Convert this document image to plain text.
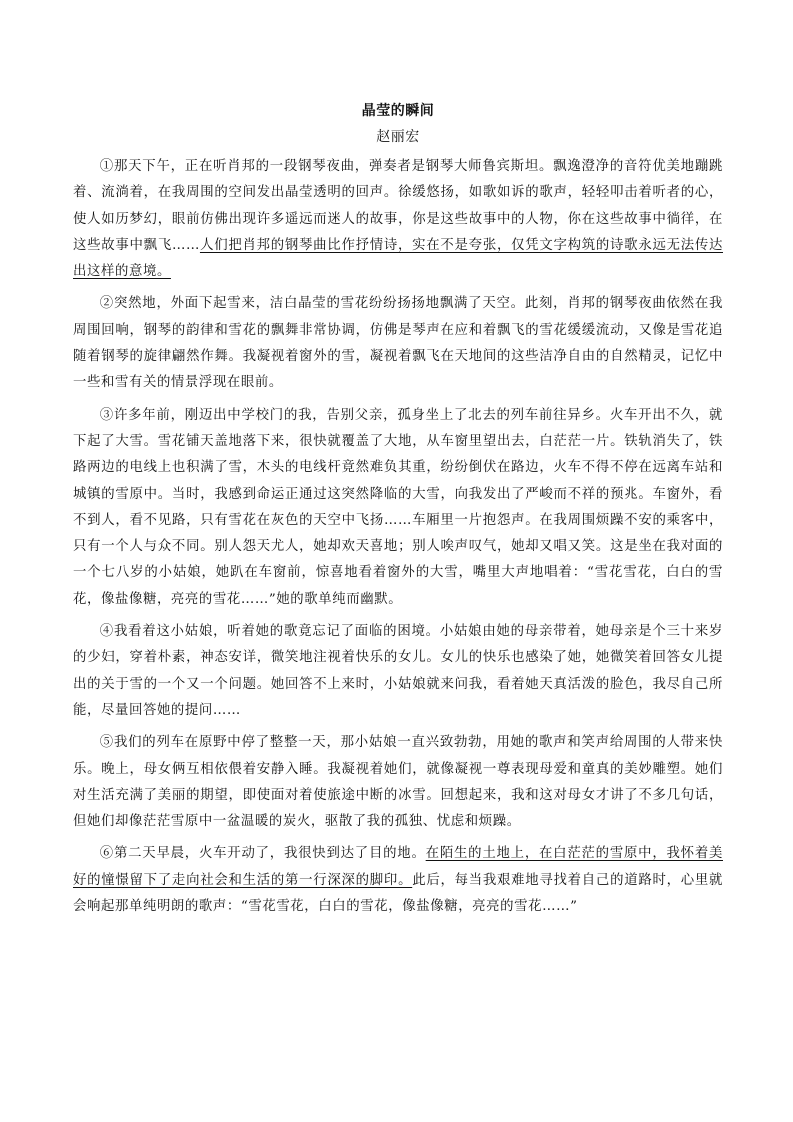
晶莹的瞬间
赵丽宏

①那天下午，正在听肖邦的一段钢琴夜曲，弹奏者是钢琴大师鲁宾斯坦。飘逸澄净的音符优美地蹦跳着、流淌着，在我周围的空间发出晶莹透明的回声。徐缓悠扬，如歌如诉的歌声，轻轻叩击着听者的心，使人如历梦幻，眼前仿佛出现许多遥远而迷人的故事，你是这些故事中的人物，你在这些故事中徜徉，在这些故事中飘飞……人们把肖邦的钢琴曲比作抒情诗，实在不是夸张，仅凭文字构筑的诗歌永远无法传达出这样的意境。

②突然地，外面下起雪来，洁白晶莹的雪花纷纷扬扬地飘满了天空。此刻，肖邦的钢琴夜曲依然在我周围回响，钢琴的韵律和雪花的飘舞非常协调，仿佛是琴声在应和着飘飞的雪花缓缓流动，又像是雪花追随着钢琴的旋律翩然作舞。我凝视着窗外的雪，凝视着飘飞在天地间的这些洁净自由的自然精灵，记忆中一些和雪有关的情景浮现在眼前。

③许多年前，刚迈出中学校门的我，告别父亲，孤身坐上了北去的列车前往异乡。火车开出不久，就下起了大雪。雪花铺天盖地落下来，很快就覆盖了大地，从车窗里望出去，白茫茫一片。铁轨消失了，铁路两边的电线上也积满了雪，木头的电线杆竟然难负其重，纷纷倒伏在路边，火车不得不停在远离车站和城镇的雪原中。当时，我感到命运正通过这突然降临的大雪，向我发出了严峻而不祥的预兆。车窗外，看不到人，看不见路，只有雪花在灰色的天空中飞扬……车厢里一片抱怨声。在我周围烦躁不安的乘客中，只有一个人与众不同。别人怨天尤人，她却欢天喜地；别人唉声叹气，她却又唱又笑。这是坐在我对面的一个七八岁的小姑娘，她趴在车窗前，惊喜地看着窗外的大雪，嘴里大声地唱着：“雪花雪花，白白的雪花，像盐像糖，亮亮的雪花……”她的歌单纯而幽默。

④我看着这小姑娘，听着她的歌竟忘记了面临的困境。小姑娘由她的母亲带着，她母亲是个三十来岁的少妇，穿着朴素，神态安详，微笑地注视着快乐的女儿。女儿的快乐也感染了她，她微笑着回答女儿提出的关于雪的一个又一个问题。她回答不上来时，小姑娘就来问我，看着她天真活泼的脸色，我尽自己所能，尽量回答她的提问……

⑤我们的列车在原野中停了整整一天，那小姑娘一直兴致勃勃，用她的歌声和笑声给周围的人带来快乐。晚上，母女俩互相依偎着安静入睡。我凝视着她们，就像凝视一尊表现母爱和童真的美妙雕塑。她们对生活充满了美丽的期望，即使面对着使旅途中断的冰雪。回想起来，我和这对母女才讲了不多几句话，但她们却像茫茫雪原中一盆温暖的炭火，驱散了我的孤独、忧虑和烦躁。

⑥第二天早晨，火车开动了，我很快到达了目的地。在陌生的土地上，在白茫茫的雪原中，我怀着美好的憧憬留下了走向社会和生活的第一行深深的脚印。此后，每当我艰难地寻找着自己的道路时，心里就会响起那单纯明朗的歌声：“雪花雪花，白白的雪花，像盐像糖，亮亮的雪花……”
